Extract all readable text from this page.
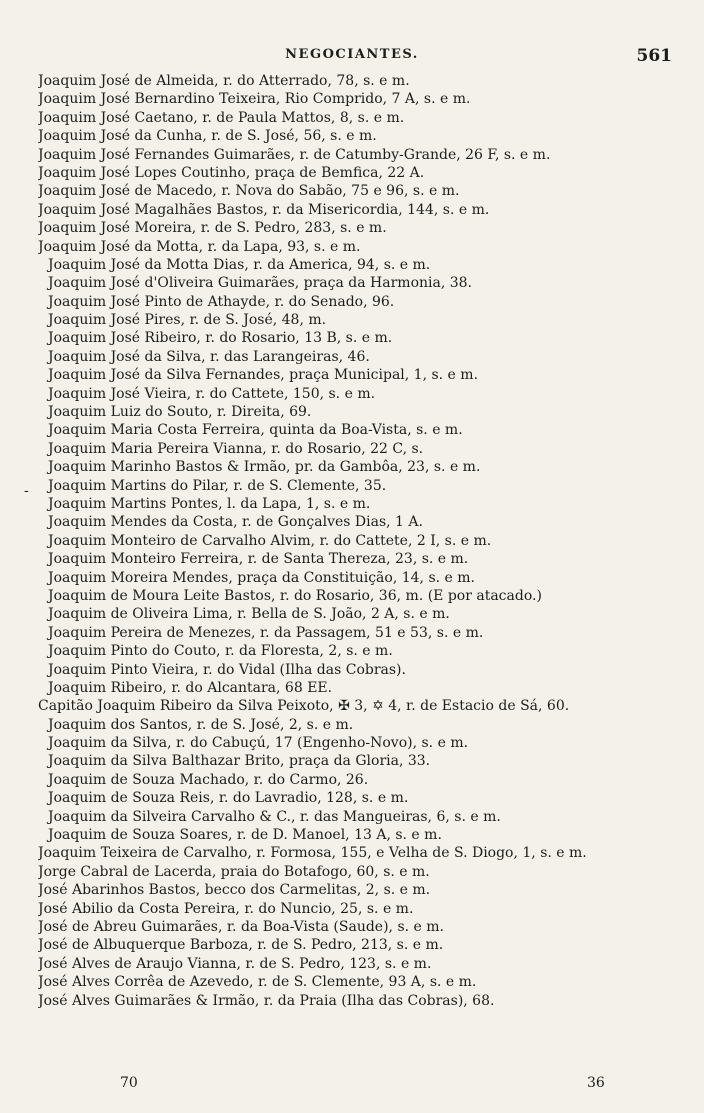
NEGOCIANTES.	561
-
Joaquim José de Almeida, r. do Atterrado, 78, s. e m.
Joaquim José Bernardino Teixeira, Rio Comprido, 7 A, s. e m.
Joaquim José Caetano, r. de Paula Mattos, 8, s. e m.
Joaquim José da Cunha, r. de S. José, 56, s. e m.
Joaquim José Fernandes Guimarães, r. de Catumby-Grande, 26 F, s. e m.
Joaquim José Lopes Coutinho, praça de Bemfica, 22 A.
Joaquim José de Macedo, r. Nova do Sabão, 75 e 96, s. e m.
Joaquim José Magalhães Bastos, r. da Misericordia, 144, s. e m.
Joaquim José Moreira, r. de S. Pedro, 283, s. e m.
Joaquim José da Motta, r. da Lapa, 93, s. e m.
Joaquim José da Motta Dias, r. da America, 94, s. e m.
Joaquim José d'Oliveira Guimarães, praça da Harmonia, 38.
Joaquim José Pinto de Athayde, r. do Senado, 96.
Joaquim José Pires, r. de S. José, 48, m.
Joaquim José Ribeiro, r. do Rosario, 13 B, s. e m.
Joaquim José da Silva, r. das Larangeiras, 46.
Joaquim José da Silva Fernandes, praça Municipal, 1, s. e m.
Joaquim José Vieira, r. do Cattete, 150, s. e m.
Joaquim Luiz do Souto, r. Direita, 69.
Joaquim Maria Costa Ferreira, quinta da Boa-Vista, s. e m.
Joaquim Maria Pereira Vianna, r. do Rosario, 22 C, s.
Joaquim Marinho Bastos & Irmão, pr. da Gambôa, 23, s. e m.
Joaquim Martins do Pilar, r. de S. Clemente, 35.
Joaquim Martins Pontes, l. da Lapa, 1, s. e m.
Joaquim Mendes da Costa, r. de Gonçalves Dias, 1 A.
Joaquim Monteiro de Carvalho Alvim, r. do Cattete, 2 I, s. e m.
Joaquim Monteiro Ferreira, r. de Santa Thereza, 23, s. e m.
Joaquim Moreira Mendes, praça da Constituição, 14, s. e m.
Joaquim de Moura Leite Bastos, r. do Rosario, 36, m. (E por atacado.)
Joaquim de Oliveira Lima, r. Bella de S. João, 2 A, s. e m.
Joaquim Pereira de Menezes, r. da Passagem, 51 e 53, s. e m.
Joaquim Pinto do Couto, r. da Floresta, 2, s. e m.
Joaquim Pinto Vieira, r. do Vidal (Ilha das Cobras).
Joaquim Ribeiro, r. do Alcantara, 68 EE.
Capitão Joaquim Ribeiro da Silva Peixoto, ✠ 3, ✡ 4, r. de Estacio de Sá, 60.
Joaquim dos Santos, r. de S. José, 2, s. e m.
Joaquim da Silva, r. do Cabuçú, 17 (Engenho-Novo), s. e m.
Joaquim da Silva Balthazar Brito, praça da Gloria, 33.
Joaquim de Souza Machado, r. do Carmo, 26.
Joaquim de Souza Reis, r. do Lavradio, 128, s. e m.
Joaquim da Silveira Carvalho & C., r. das Mangueiras, 6, s. e m.
Joaquim de Souza Soares, r. de D. Manoel, 13 A, s. e m.
Joaquim Teixeira de Carvalho, r. Formosa, 155, e Velha de S. Diogo, 1, s. e m.
Jorge Cabral de Lacerda, praia do Botafogo, 60, s. e m.
José Abarinhos Bastos, becco dos Carmelitas, 2, s. e m.
José Abilio da Costa Pereira, r. do Nuncio, 25, s. e m.
José de Abreu Guimarães, r. da Boa-Vista (Saude), s. e m.
José de Albuquerque Barboza, r. de S. Pedro, 213, s. e m.
José Alves de Araujo Vianna, r. de S. Pedro, 123, s. e m.
José Alves Corrêa de Azevedo, r. de S. Clemente, 93 A, s. e m.
José Alves Guimarães & Irmão, r. da Praia (Ilha das Cobras), 68.
70	36
